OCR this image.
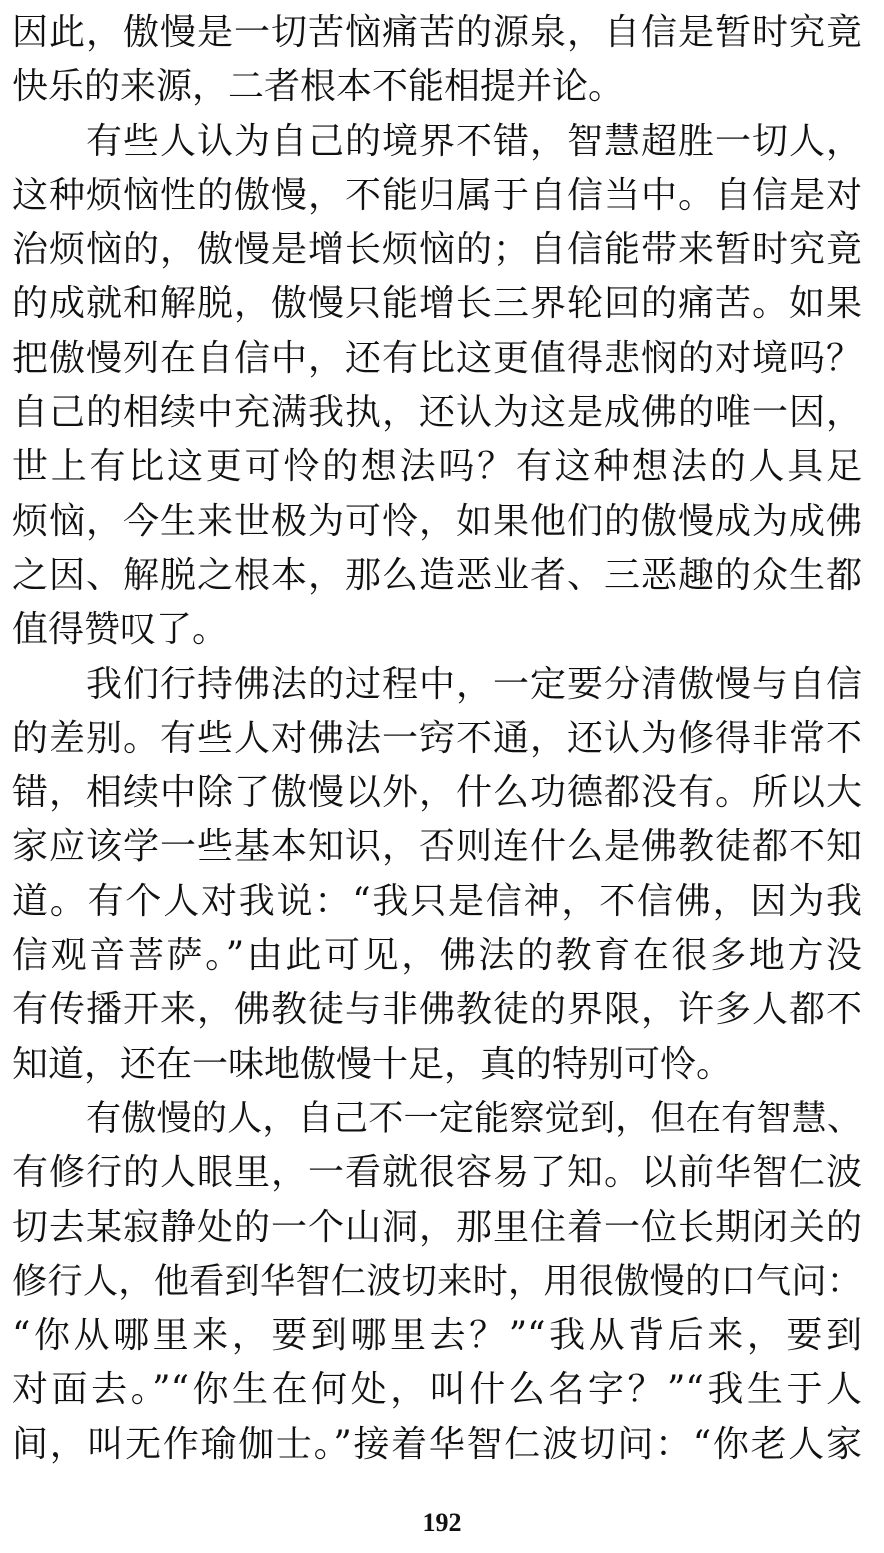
因此，傲慢是一切苦恼痛苦的源泉，自信是暂时究竟
快乐的来源，二者根本不能相提并论。
有些人认为自己的境界不错，智慧超胜一切人，
这种烦恼性的傲慢，不能归属于自信当中。自信是对
治烦恼的，傲慢是增长烦恼的；自信能带来暂时究竟
的成就和解脱，傲慢只能增长三界轮回的痛苦。如果
把傲慢列在自信中，还有比这更值得悲悯的对境吗？
自己的相续中充满我执，还认为这是成佛的唯一因，
世上有比这更可怜的想法吗？有这种想法的人具足
烦恼，今生来世极为可怜，如果他们的傲慢成为成佛
之因、解脱之根本，那么造恶业者、三恶趣的众生都
值得赞叹了。
我们行持佛法的过程中，一定要分清傲慢与自信
的差别。有些人对佛法一窍不通，还认为修得非常不
错，相续中除了傲慢以外，什么功德都没有。所以大
家应该学一些基本知识，否则连什么是佛教徒都不知
道。有个人对我说：“我只是信神，不信佛，因为我
信观音菩萨。”由此可见，佛法的教育在很多地方没
有传播开来，佛教徒与非佛教徒的界限，许多人都不
知道，还在一味地傲慢十足，真的特别可怜。
有傲慢的人，自己不一定能察觉到，但在有智慧、
有修行的人眼里，一看就很容易了知。以前华智仁波
切去某寂静处的一个山洞，那里住着一位长期闭关的
修行人，他看到华智仁波切来时，用很傲慢的口气问：
“你从哪里来，要到哪里去？”“我从背后来，要到
对面去。”“你生在何处，叫什么名字？”“我生于人
间，叫无作瑜伽士。”接着华智仁波切问：“你老人家
192
